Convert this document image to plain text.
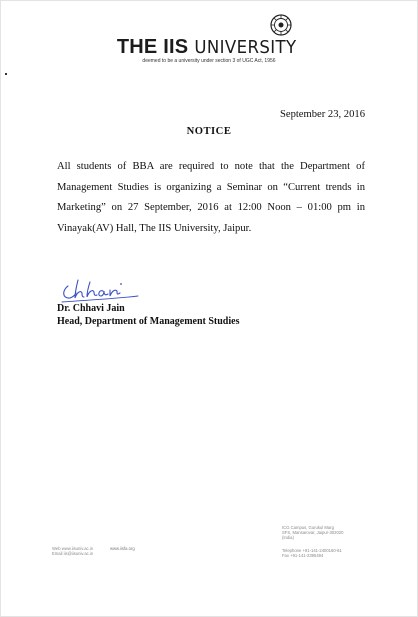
THE IIS UNIVERSITY
deemed to be a university under section 3 of UGC Act, 1956
September 23, 2016
NOTICE
All students of BBA are required to note that the Department of Management Studies is organizing a Seminar on “Current trends in Marketing” on 27 September, 2016 at 12:00 Noon – 01:00 pm in Vinayak(AV) Hall, The IIS University, Jaipur.
Dr. Chhavi Jain
Head, Department of Management Studies
Web www.iisuniv.ac.in
Email iis@iisuniv.ac.in
www.iisfa.org
ICG Campus, Gurukul Marg
SFS, Mansarovar, Jaipur-302020
(India)
Telephone +91-141-2400160-61
Fax +91-141-2395494
